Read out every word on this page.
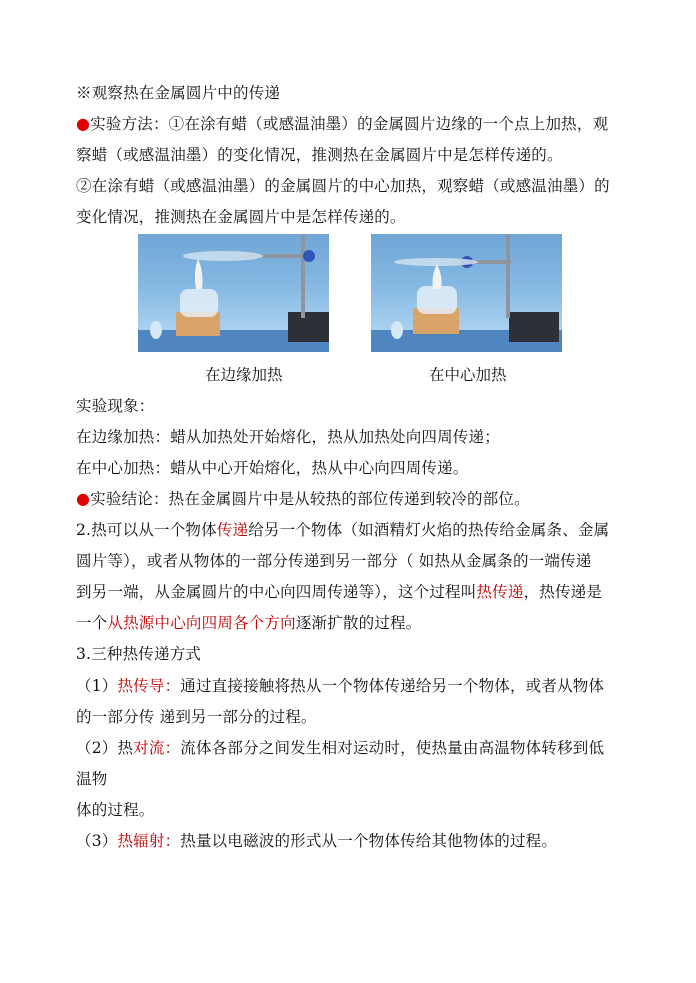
※观察热在金属圆片中的传递
●实验方法：①在涂有蜡（或感温油墨）的金属圆片边缘的一个点上加热，观
察蜡（或感温油墨）的变化情况，推测热在金属圆片中是怎样传递的。
②在涂有蜡（或感温油墨）的金属圆片的中心加热，观察蜡（或感温油墨）的
变化情况，推测热在金属圆片中是怎样传递的。
在边缘加热	在中心加热
实验现象：
在边缘加热：蜡从加热处开始熔化，热从加热处向四周传递；
在中心加热：蜡从中心开始熔化，热从中心向四周传递。
●实验结论：热在金属圆片中是从较热的部位传递到较冷的部位。
2.热可以从一个物体传递给另一个物体（如酒精灯火焰的热传给金属条、金属
圆片等），或者从物体的一部分传递到另一部分（ 如热从金属条的一端传递
到另一端，从金属圆片的中心向四周传递等），这个过程叫热传递，热传递是
一个从热源中心向四周各个方向逐渐扩散的过程。
3.三种热传递方式
（1）热传导：通过直接接触将热从一个物体传递给另一个物体，或者从物体
的一部分传 递到另一部分的过程。
（2）热对流：流体各部分之间发生相对运动时，使热量由高温物体转移到低
温物
体的过程。
（3）热辐射：热量以电磁波的形式从一个物体传给其他物体的过程。
